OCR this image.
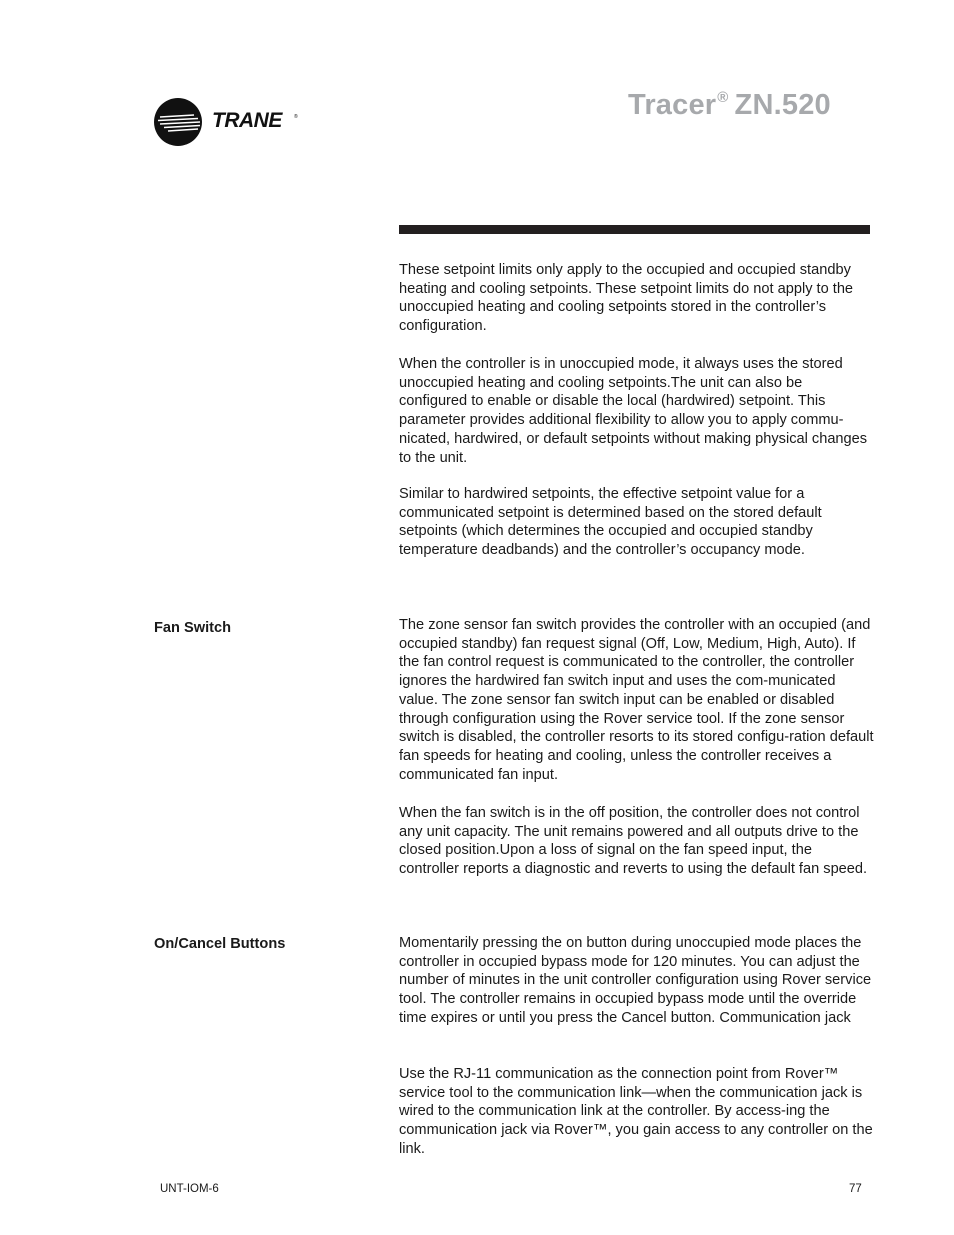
TRANE ®	Tracer® ZN.520

These setpoint limits only apply to the occupied and occupied standby heating and cooling setpoints. These setpoint limits do not apply to the unoccupied heating and cooling setpoints stored in the controller’s configuration.

When the controller is in unoccupied mode, it always uses the stored unoccupied heating and cooling setpoints.The unit can also be configured to enable or disable the local (hardwired) setpoint. This parameter provides additional flexibility to allow you to apply commu-nicated, hardwired, or default setpoints without making physical changes to the unit.

Similar to hardwired setpoints, the effective setpoint value for a communicated setpoint is determined based on the stored default setpoints (which determines the occupied and occupied standby temperature deadbands) and the controller’s occupancy mode.

Fan Switch	The zone sensor fan switch provides the controller with an occupied (and occupied standby) fan request signal (Off, Low, Medium, High, Auto). If the fan control request is communicated to the controller, the controller ignores the hardwired fan switch input and uses the com-municated value. The zone sensor fan switch input can be enabled or disabled through configuration using the Rover service tool. If the zone sensor switch is disabled, the controller resorts to its stored configu-ration default fan speeds for heating and cooling, unless the controller receives a communicated fan input.

When the fan switch is in the off position, the controller does not control any unit capacity. The unit remains powered and all outputs drive to the closed position.Upon a loss of signal on the fan speed input, the controller reports a diagnostic and reverts to using the default fan speed.

On/Cancel Buttons	Momentarily pressing the on button during unoccupied mode places the controller in occupied bypass mode for 120 minutes. You can adjust the number of minutes in the unit controller configuration using Rover service tool. The controller remains in occupied bypass mode until the override time expires or until you press the Cancel button. Communication jack

Use the RJ-11 communication as the connection point from Rover™ service tool to the communication link—when the communication jack is wired to the communication link at the controller. By access-ing the communication jack via Rover™, you gain access to any controller on the link.

UNT-IOM-6	77
